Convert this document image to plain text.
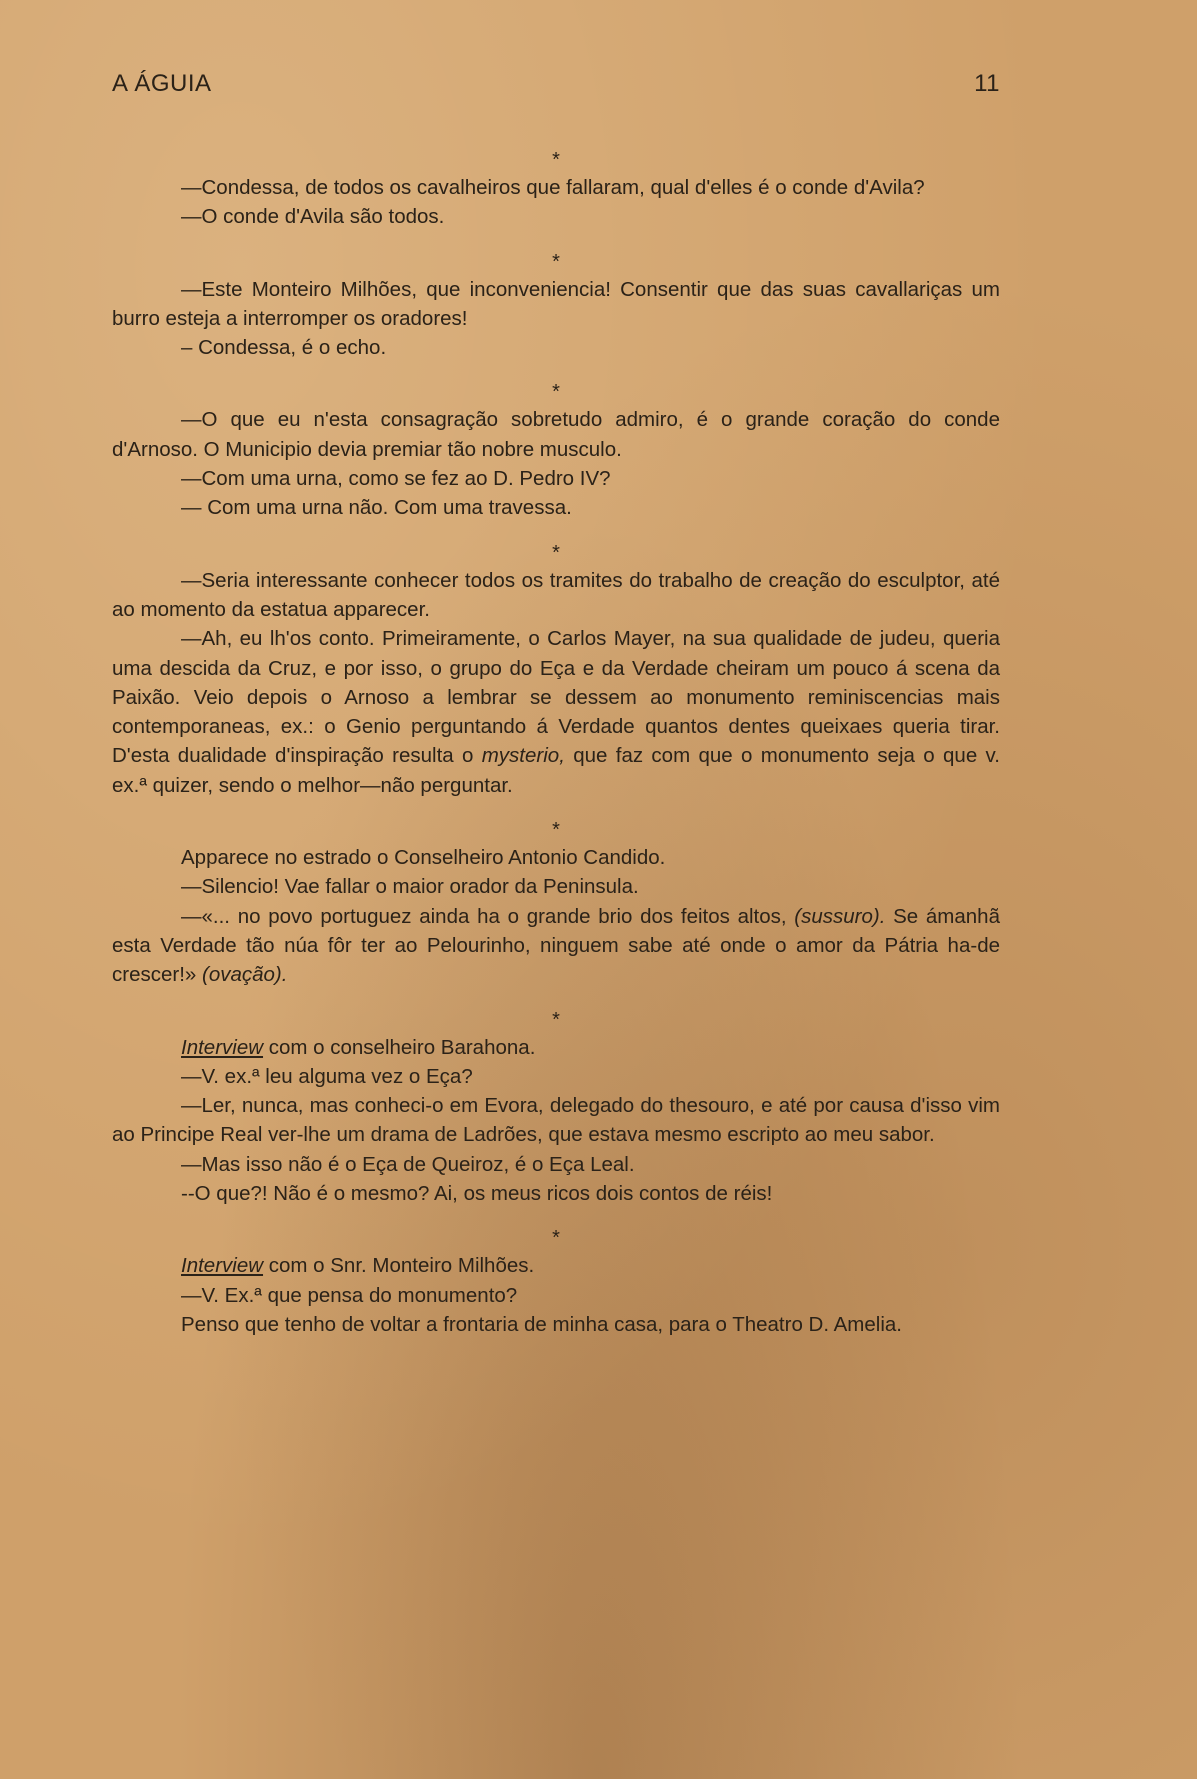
A ÁGUIA	11
*

—Condessa, de todos os cavalheiros que fallaram, qual d'elles é o conde d'Avila?

—O conde d'Avila são todos.

*

—Este Monteiro Milhões, que inconveniencia! Consentir que das suas cavallariças um burro esteja a interromper os oradores!

– Condessa, é o echo.

*

—O que eu n'esta consagração sobretudo admiro, é o grande coração do conde d'Arnoso. O Municipio devia premiar tão nobre musculo.

—Com uma urna, como se fez ao D. Pedro IV?

— Com uma urna não. Com uma travessa.

*

—Seria interessante conhecer todos os tramites do trabalho de creação do esculptor, até ao momento da estatua apparecer.

—Ah, eu lh'os conto. Primeiramente, o Carlos Mayer, na sua qualidade de judeu, queria uma descida da Cruz, e por isso, o grupo do Eça e da Verdade cheiram um pouco á scena da Paixão. Veio depois o Arnoso a lembrar se dessem ao monumento reminiscencias mais contemporaneas, ex.: o Genio perguntando á Verdade quantos dentes queixaes queria tirar. D'esta dualidade d'inspiração resulta o mysterio, que faz com que o monumento seja o que v. ex.ª quizer, sendo o melhor—não perguntar.

*

Apparece no estrado o Conselheiro Antonio Candido.

—Silencio! Vae fallar o maior orador da Peninsula.

—«... no povo portuguez ainda ha o grande brio dos feitos altos, (sussuro). Se ámanhã esta Verdade tão núa fôr ter ao Pelourinho, ninguem sabe até onde o amor da Pátria ha-de crescer!» (ovação).

*

Interview com o conselheiro Barahona.

—V. ex.ª leu alguma vez o Eça?

—Ler, nunca, mas conheci-o em Evora, delegado do thesouro, e até por causa d'isso vim ao Principe Real ver-lhe um drama de Ladrões, que estava mesmo escripto ao meu sabor.

—Mas isso não é o Eça de Queiroz, é o Eça Leal.

--O que?! Não é o mesmo? Ai, os meus ricos dois contos de réis!

*

Interview com o Snr. Monteiro Milhões.

—V. Ex.ª que pensa do monumento?

Penso que tenho de voltar a frontaria de minha casa, para o Theatro D. Amelia.
